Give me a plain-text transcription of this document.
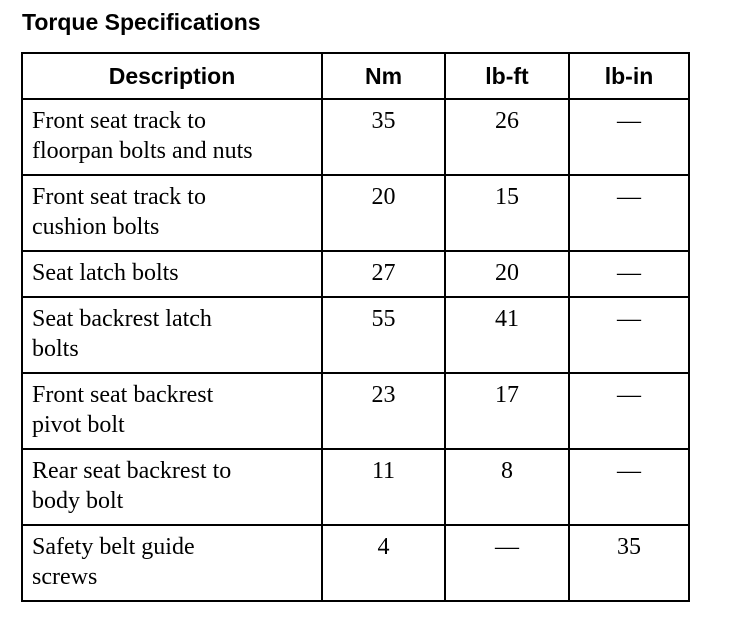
Torque Specifications
Description	Nm	lb-ft	lb-in

Front seat track to
floorpan bolts and nuts	35	26	—

Front seat track to
cushion bolts	20	15	—

Seat latch bolts	27	20	—

Seat backrest latch
bolts	55	41	—

Front seat backrest
pivot bolt	23	17	—

Rear seat backrest to
body bolt	11	8	—

Safety belt guide
screws	4	—	35
